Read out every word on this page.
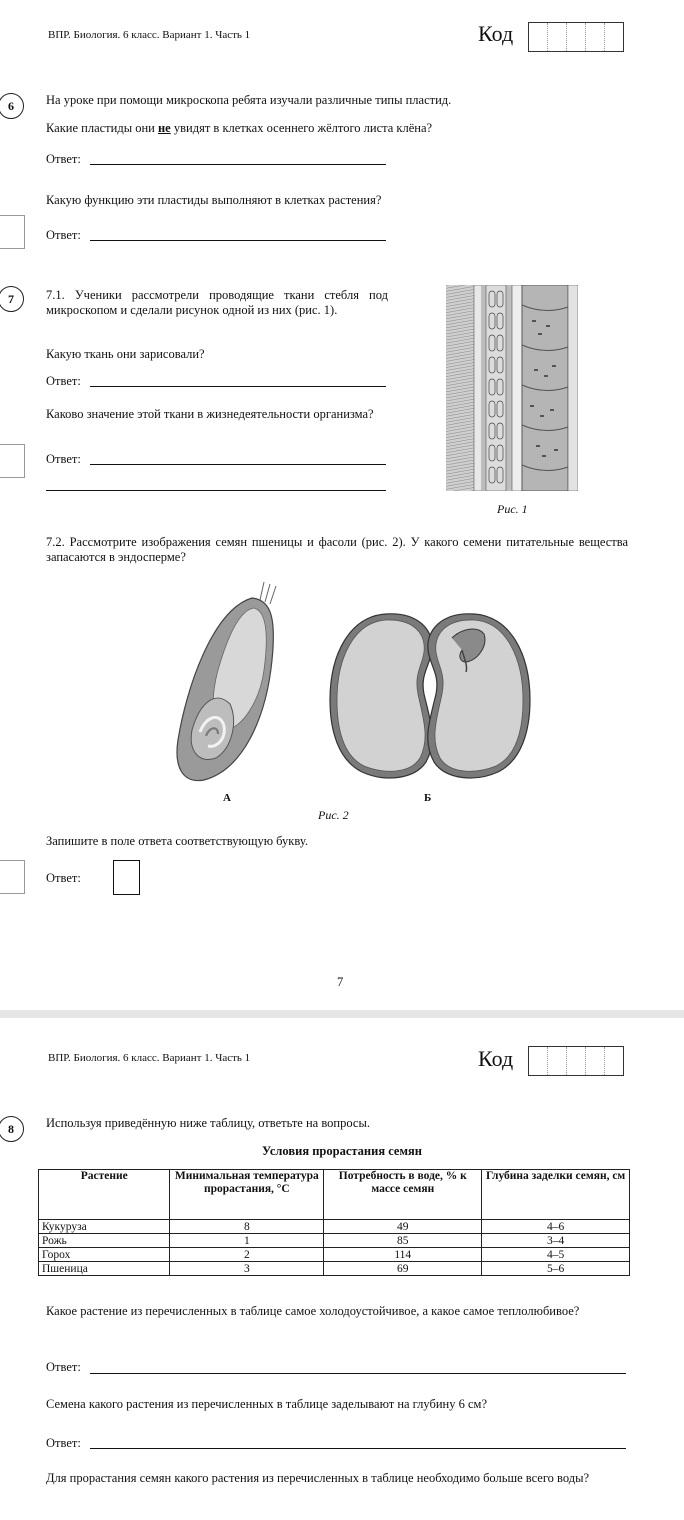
ВПР. Биология. 6 класс. Вариант 1. Часть 1	Код
6	На уроке при помощи микроскопа ребята изучали различные типы пластид.
Какие пластиды они не увидят в клетках осеннего жёлтого листа клёна?
Ответ:
Какую функцию эти пластиды выполняют в клетках растения?
Ответ:
7	7.1. Ученики рассмотрели проводящие ткани стебля под микроскопом и сделали рисунок одной из них (рис. 1).
Какую ткань они зарисовали?
Ответ:
Каково значение этой ткани в жизнедеятельности организма?
Ответ:
Рис. 1
7.2. Рассмотрите изображения семян пшеницы и фасоли (рис. 2). У какого семени питательные вещества запасаются в эндосперме?
А	Б
Рис. 2
Запишите в поле ответа соответствующую букву.
Ответ:
7
ВПР. Биология. 6 класс. Вариант 1. Часть 1	Код
8	Используя приведённую ниже таблицу, ответьте на вопросы.
Условия прорастания семян
Растение	Минимальная температура прорастания, °С	Потребность в воде, % к массе семян	Глубина заделки семян, см
Кукуруза	8	49	4–6
Рожь	1	85	3–4
Горох	2	114	4–5
Пшеница	3	69	5–6
Какое растение из перечисленных в таблице самое холодоустойчивое, а какое самое теплолюбивое?
Ответ:
Семена какого растения из перечисленных в таблице заделывают на глубину 6 см?
Ответ:
Для прорастания семян какого растения из перечисленных в таблице необходимо больше всего воды?
